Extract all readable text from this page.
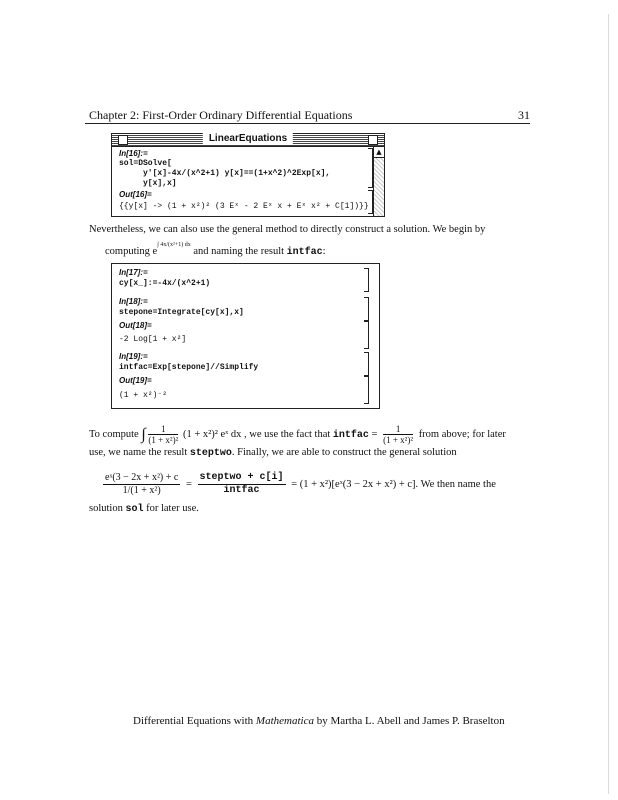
Chapter 2: First-Order Ordinary Differential Equations	31
LinearEquations
▲
In[16]:=
sol=DSolve[
y'[x]-4x/(x^2+1) y[x]==(1+x^2)^2Exp[x],
y[x],x]
Out[16]=
{{y[x] -> (1 + x²)² (3 Eˣ - 2 Eˣ x + Eˣ x² + C[1])}}
Nevertheless, we can also use the general method to directly construct a solution. We begin by
computing $e^{\int 4x/(x^2+1) dx}$ and naming the result intfac:
In[17]:=
cy[x_]:=-4x/(x^2+1)
In[18]:=
stepone=Integrate[cy[x],x]
Out[18]=
-2 Log[1 + x²]
In[19]:=
intfac=Exp[stepone]//Simplify
Out[19]=
(1 + x²)⁻²
To compute ∫ $\frac{1}{\text{(1 + x²)²}} (1 + x^2)^2$ eˣ dx , we use the fact that intfac = $\frac{1}{\text{(1 + x²)²}}$ from above; for later
use, we name the result steptwo. Finally, we are able to construct the general solution
$\frac{\text{eˣ(3 − 2x + x²) + c}}{\text{1/(1 + x²)}}$ =
steptwo + c[i]
intfac
= (1 + x²)[eˣ(3 − 2x + x²) + c]. We then name the
solution sol for later use.
Differential Equations with Mathematica by Martha L. Abell and James P. Braselton
